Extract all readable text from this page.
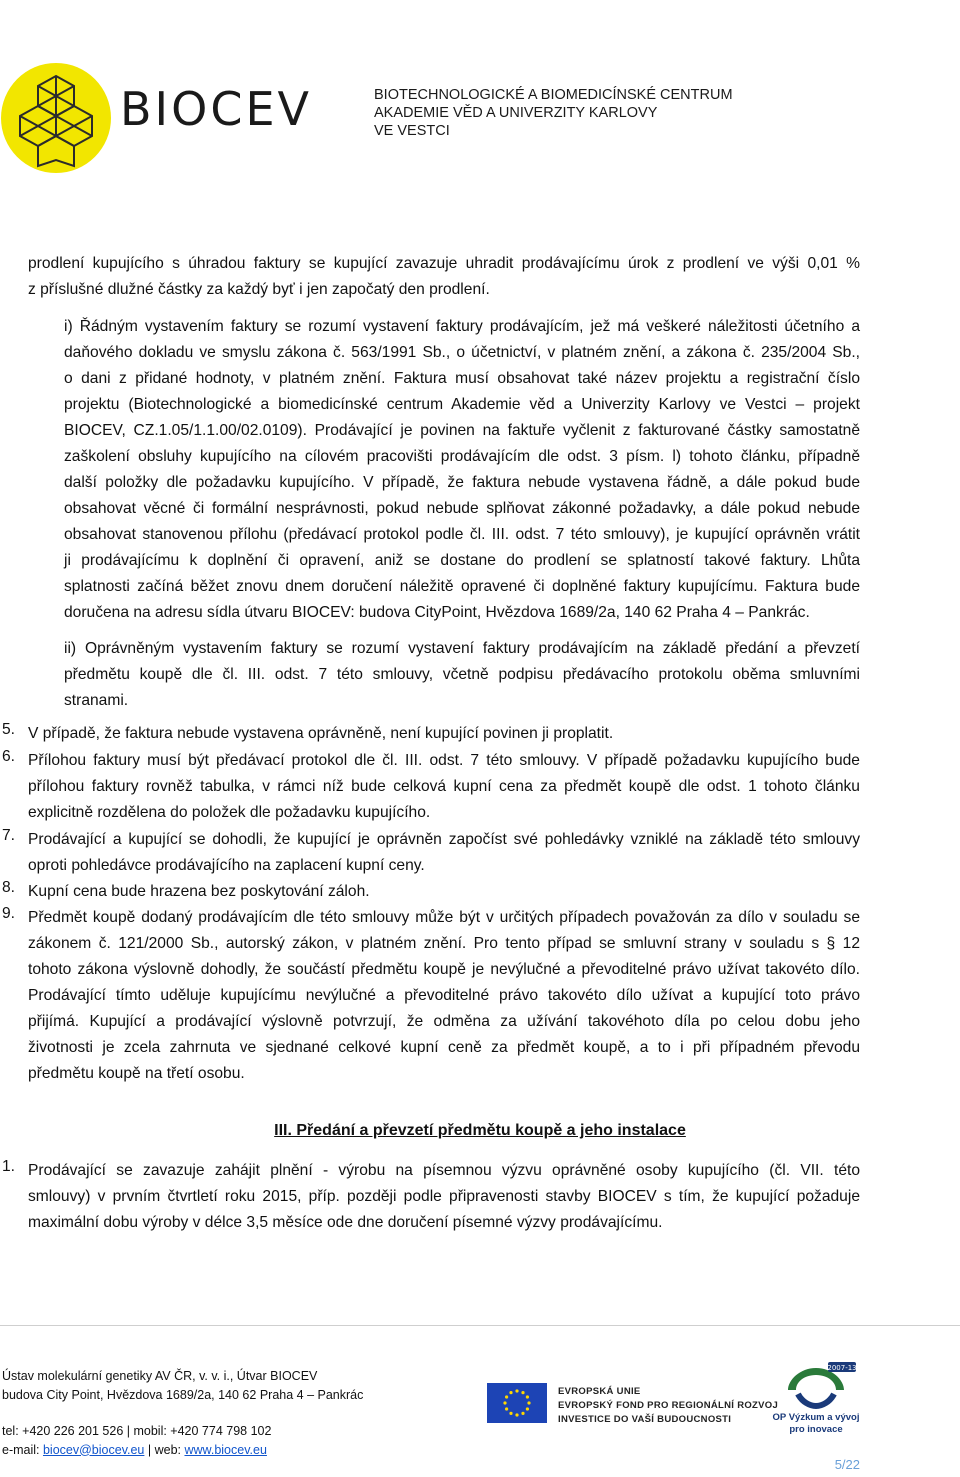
BIOCEV	BIOTECHNOLOGICKÉ A BIOMEDICÍNSKÉ CENTRUM
AKADEMIE VĚD A UNIVERZITY KARLOVY
VE VESTCI
prodlení kupujícího s úhradou faktury se kupující zavazuje uhradit prodávajícímu úrok z prodlení ve výši 0,01 %
z příslušné dlužné částky za každý byť i jen započatý den prodlení.
i) Řádným vystavením faktury se rozumí vystavení faktury prodávajícím, jež má veškeré náležitosti účetního a
daňového dokladu ve smyslu zákona č. 563/1991 Sb., o účetnictví, v platném znění, a zákona č. 235/2004 Sb.,
o dani z přidané hodnoty, v platném znění. Faktura musí obsahovat také název projektu a registrační číslo
projektu (Biotechnologické a biomedicínské centrum Akademie věd a Univerzity Karlovy ve Vestci – projekt
BIOCEV, CZ.1.05/1.1.00/02.0109). Prodávající je povinen na faktuře vyčlenit z fakturované částky samostatně
zaškolení obsluhy kupujícího na cílovém pracovišti prodávajícím dle odst. 3 písm. l) tohoto článku, případně
další položky dle požadavku kupujícího. V případě, že faktura nebude vystavena řádně, a dále pokud bude
obsahovat věcné či formální nesprávnosti, pokud nebude splňovat zákonné požadavky, a dále pokud nebude
obsahovat stanovenou přílohu (předávací protokol podle čl. III. odst. 7 této smlouvy), je kupující oprávněn vrátit
ji prodávajícímu k doplnění či opravení, aniž se dostane do prodlení se splatností takové faktury. Lhůta
splatnosti začíná běžet znovu dnem doručení náležitě opravené či doplněné faktury kupujícímu. Faktura bude
doručena na adresu sídla útvaru BIOCEV: budova CityPoint, Hvězdova 1689/2a, 140 62 Praha 4 – Pankrác.
ii) Oprávněným vystavením faktury se rozumí vystavení faktury prodávajícím na základě předání a převzetí
předmětu koupě dle čl. III. odst. 7 této smlouvy, včetně podpisu předávacího protokolu oběma smluvními
stranami.
5. V případě, že faktura nebude vystavena oprávněně, není kupující povinen ji proplatit.
6. Přílohou faktury musí být předávací protokol dle čl. III. odst. 7 této smlouvy. V případě požadavku kupujícího bude
přílohou faktury rovněž tabulka, v rámci níž bude celková kupní cena za předmět koupě dle odst. 1 tohoto článku
explicitně rozdělena do položek dle požadavku kupujícího.
7. Prodávající a kupující se dohodli, že kupující je oprávněn započíst své pohledávky vzniklé na základě této smlouvy
oproti pohledávce prodávajícího na zaplacení kupní ceny.
8. Kupní cena bude hrazena bez poskytování záloh.
9. Předmět koupě dodaný prodávajícím dle této smlouvy může být v určitých případech považován za dílo v souladu se
zákonem č. 121/2000 Sb., autorský zákon, v platném znění. Pro tento případ se smluvní strany v souladu s § 12
tohoto zákona výslovně dohodly, že součástí předmětu koupě je nevýlučné a převoditelné právo užívat takovéto dílo.
Prodávající tímto uděluje kupujícímu nevýlučné a převoditelné právo takovéto dílo užívat a kupující toto právo
přijímá. Kupující a prodávající výslovně potvrzují, že odměna za užívání takovéhoto díla po celou dobu jeho
životnosti je zcela zahrnuta ve sjednané celkové kupní ceně za předmět koupě, a to i při případném převodu
předmětu koupě na třetí osobu.
III. Předání a převzetí předmětu koupě a jeho instalace
1. Prodávající se zavazuje zahájit plnění - výrobu na písemnou výzvu oprávněné osoby kupujícího (čl. VII. této
smlouvy) v prvním čtvrtletí roku 2015, příp. později podle připravenosti stavby BIOCEV s tím, že kupující požaduje
maximální dobu výroby v délce 3,5 měsíce ode dne doručení písemné výzvy prodávajícímu.
Ústav molekulární genetiky AV ČR, v. v. i., Útvar BIOCEV
budova City Point, Hvězdova 1689/2a, 140 62 Praha 4 – Pankrác
tel: +420 226 201 526 | mobil: +420 774 798 102
e-mail: biocev@biocev.eu | web: www.biocev.eu
EVROPSKÁ UNIE
EVROPSKÝ FOND PRO REGIONÁLNÍ ROZVOJ
INVESTICE DO VAŠÍ BUDOUCNOSTI
2007-13
OP Výzkum a vývoj
pro inovace
5/22
